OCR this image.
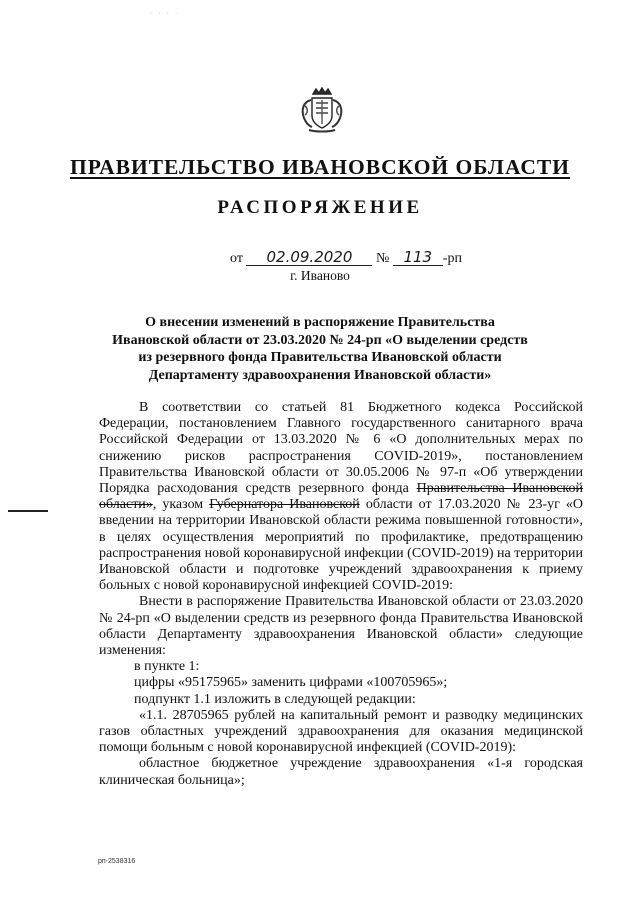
· · · ·
ПРАВИТЕЛЬСТВО ИВАНОВСКОЙ ОБЛАСТИ
РАСПОРЯЖЕНИЕ
от 02.09.2020 № 113 -рп
г. Иваново
О внесении изменений в распоряжение Правительства
Ивановской области от 23.03.2020 № 24-рп «О выделении средств
из резервного фонда Правительства Ивановской области
Департаменту здравоохранения Ивановской области»

В соответствии со статьей 81 Бюджетного кодекса Российской Федерации, постановлением Главного государственного санитарного врача Российской Федерации от 13.03.2020 № 6 «О дополнительных мерах по снижению рисков распространения COVID-2019», постановлением Правительства Ивановской области от 30.05.2006 № 97-п «Об утверждении Порядка расходования средств резервного фонда Правительства Ивановской области», указом Губернатора Ивановской области от 17.03.2020 № 23-уг «О введении на территории Ивановской области режима повышенной готовности», в целях осуществления мероприятий по профилактике, предотвращению распространения новой коронавирусной инфекции (COVID-2019) на территории Ивановской области и подготовке учреждений здравоохранения к приему больных с новой коронавирусной инфекцией COVID-2019:

Внести в распоряжение Правительства Ивановской области от 23.03.2020 № 24-рп «О выделении средств из резервного фонда Правительства Ивановской области Департаменту здравоохранения Ивановской области» следующие изменения:

в пункте 1:

цифры «95175965» заменить цифрами «100705965»;

подпункт 1.1 изложить в следующей редакции:

«1.1. 28705965 рублей на капитальный ремонт и разводку медицинских газов областных учреждений здравоохранения для оказания медицинской помощи больным с новой коронавирусной инфекцией (COVID-2019):

областное бюджетное учреждение здравоохранения «1-я городская клиническая больница»;

рп-2538316
